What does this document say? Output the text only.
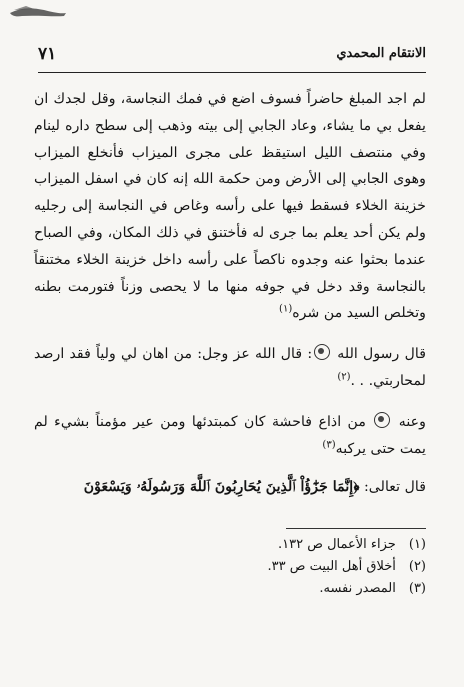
الانتقام المحمدي
٧١

لم اجد المبلغ حاضراً فسوف اضع في فمك النجاسة، وقل لجدك ان يفعل بي ما يشاء، وعاد الجابي إلى بيته وذهب إلى سطح داره لينام وفي منتصف الليل استيقظ على مجرى الميزاب فأنخلع الميزاب وهوى الجابي إلى الأرض ومن حكمة الله إنه كان في اسفل الميزاب خزينة الخلاء فسقط فيها على رأسه وغاص في النجاسة إلى رجليه ولم يكن أحد يعلم بما جرى له فأختنق في ذلك المكان، وفي الصباح عندما بحثوا عنه وجدوه ناكصاً على رأسه داخل خزينة الخلاء مختنقاً بالنجاسة وقد دخل في جوفه منها ما لا يحصى وزناً فتورمت بطنه وتخلص السيد من شره$^{(١)}$

قال رسول الله : قال الله عز وجل: من اهان لي ولياً فقد ارصد لمحاربتي. . .$^{(٢)}$

وعنه  من اذاع فاحشة كان كمبتدئها ومن عير مؤمناً بشيء لم يمت حتى يركبه$^{(٣)}$

قال تعالى: ﴿إِنَّمَا جَزَٰٓؤُاْ ٱلَّذِينَ يُحَارِبُونَ ٱللَّهَ وَرَسُولَهُۥ وَيَسْعَوْنَ

(١) جزاء الأعمال ص ١٣٢.
(٢) أخلاق أهل البيت ص ٣٣.
(٣) المصدر نفسه.
